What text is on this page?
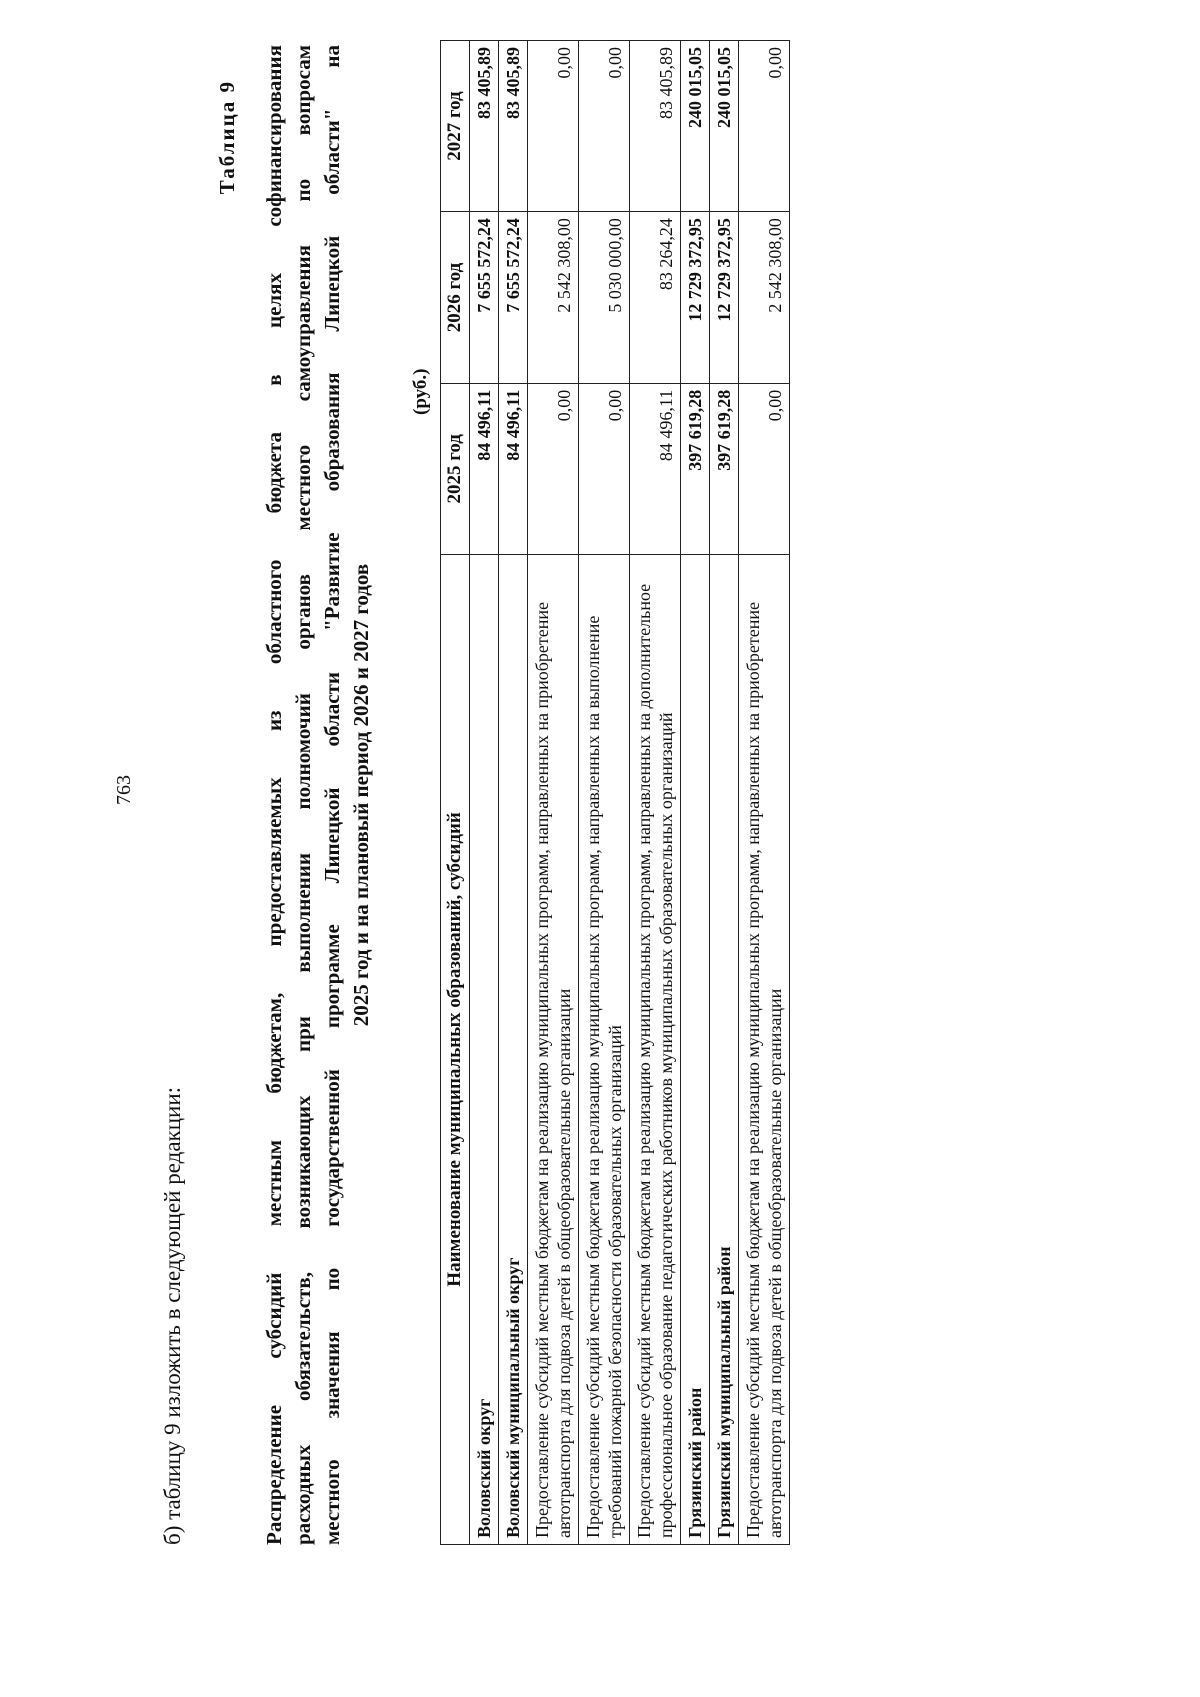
763
б) таблицу 9 изложить в следующей редакции:
Таблица 9 Распределение субсидий местным бюджетам, предоставляемых из областного бюджета в целях софинансирования расходных обязательств, возникающих при выполнении полномочий органов местного самоуправления по вопросам местного значения по государственной программе Липецкой области "Развитие образования Липецкой области" на 2025 год и на плановый период 2026 и 2027 годов
(руб.)
Наименование муниципальных образований, субсидий	2025 год	2026 год	2027 год
Воловский округ	84 496,11	7 655 572,24	83 405,89
Воловский муниципальный округ	84 496,11	7 655 572,24	83 405,89
Предоставление субсидий местным бюджетам на реализацию муниципальных программ, направленных на приобретение автотранспорта для подвоза детей в общеобразовательные организации	0,00	2 542 308,00	0,00
Предоставление субсидий местным бюджетам на реализацию муниципальных программ, направленных на выполнение требований пожарной безопасности образовательных организаций	0,00	5 030 000,00	0,00
Предоставление субсидий местным бюджетам на реализацию муниципальных программ, направленных на дополнительное профессиональное образование педагогических работников муниципальных образовательных организаций	84 496,11	83 264,24	83 405,89
Грязинский район	397 619,28	12 729 372,95	240 015,05
Грязинский муниципальный район	397 619,28	12 729 372,95	240 015,05
Предоставление субсидий местным бюджетам на реализацию муниципальных программ, направленных на приобретение автотранспорта для подвоза детей в общеобразовательные организации	0,00	2 542 308,00	0,00
